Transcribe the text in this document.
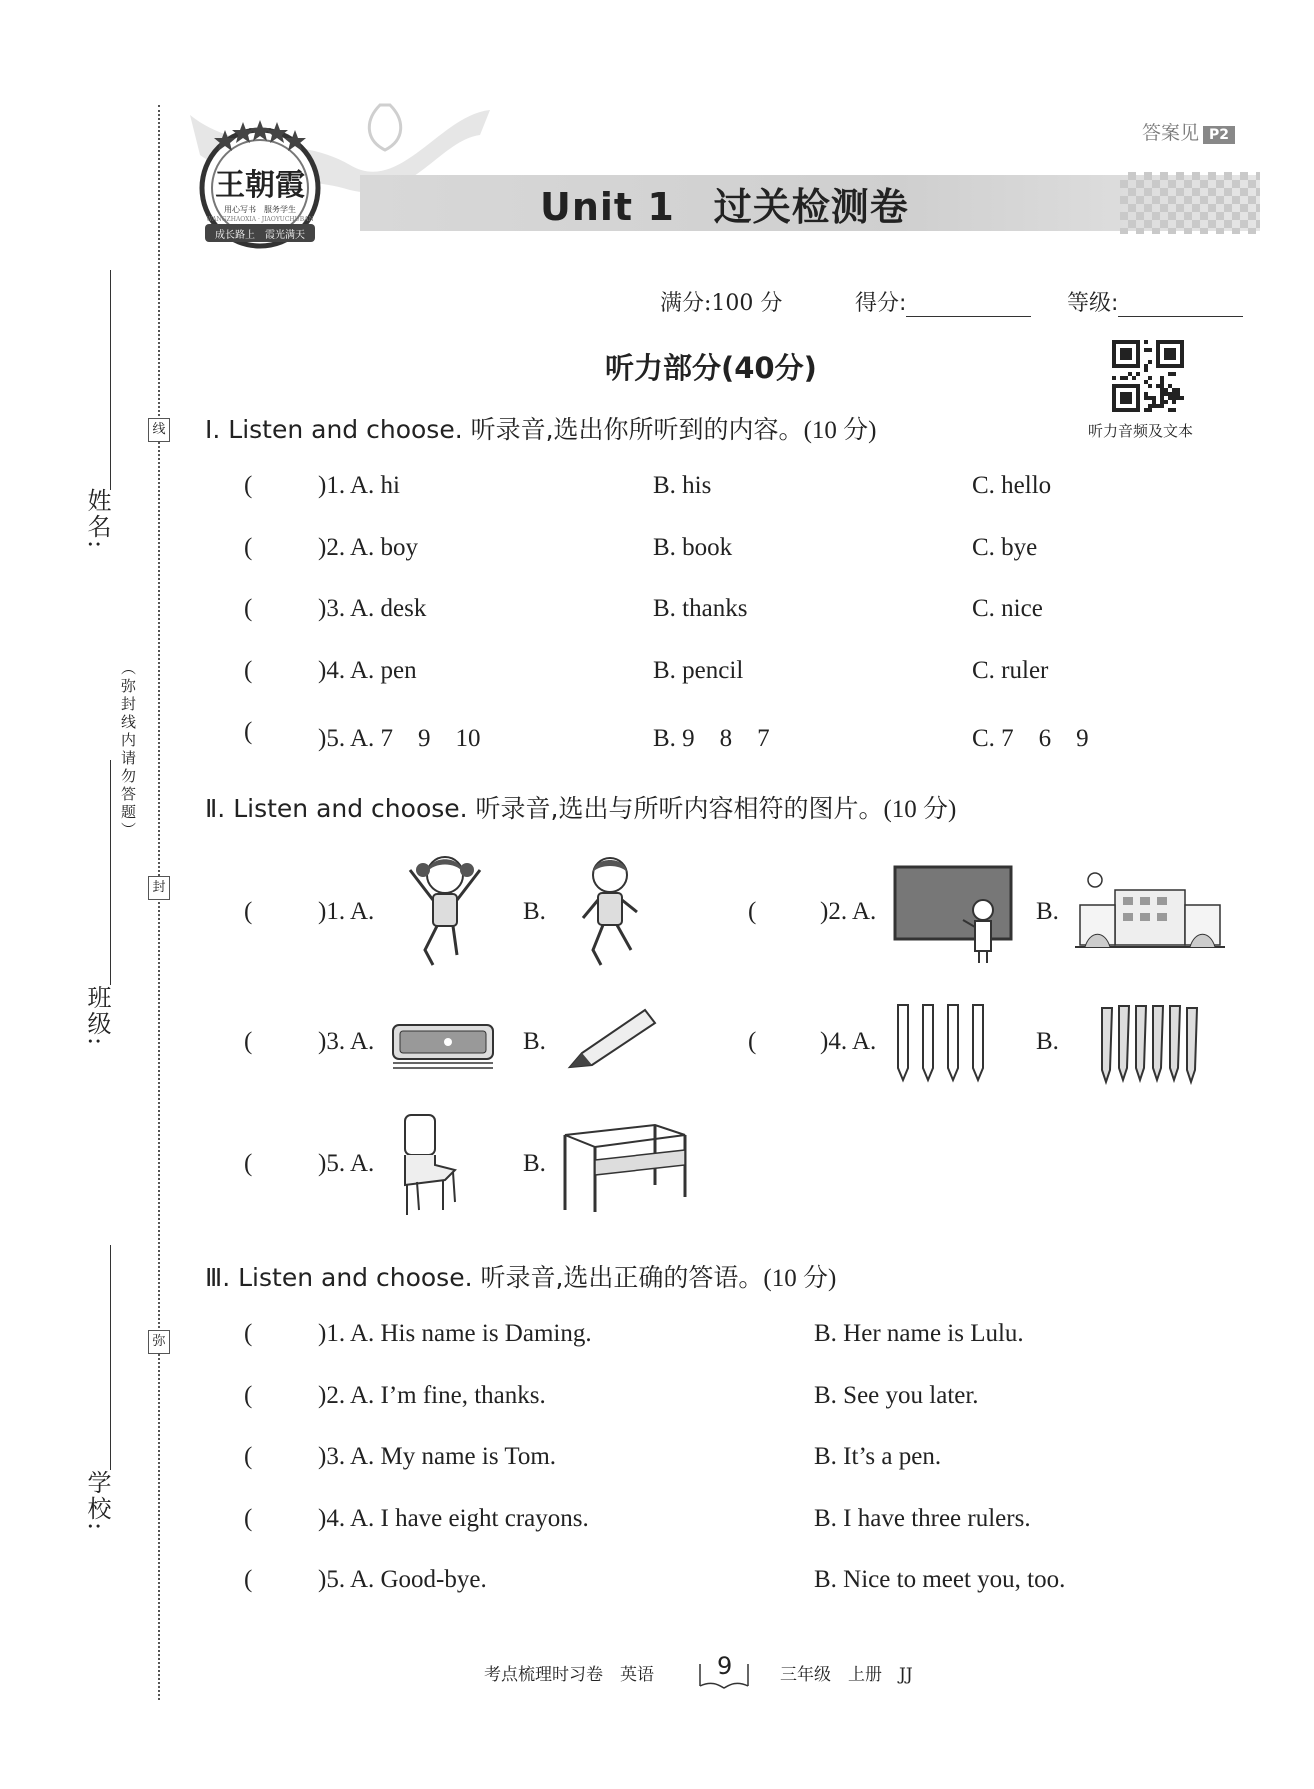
线
封
弥
（弥封线内请勿答题）
姓名:
班级:
学校:
Unit 1　过关检测卷
王朝霞
用心写书　服务学生
WANGZHAOXIA · JIAOYUCHUBAN
成长路上　霞光满天
答案见 P2
满分:100 分	得分:	等级:
听力部分(40分)
听力音频及文本
Ⅰ. Listen and choose. 听录音,选出你所听到的内容。(10 分)
(	)1. A. hi	B. his	C. hello
(	)2. A. boy	B. book	C. bye
(	)3. A. desk	B. thanks	C. nice
(	)4. A. pen	B. pencil	C. ruler
(	)5. A. 7　9　10	B. 9　8　7	C. 7　6　9
Ⅱ. Listen and choose. 听录音,选出与所听内容相符的图片。(10 分)
(	)1. A.	B.	(	)2. A.	B.
(	)3. A.	B.	(	)4. A.	B.
(	)5. A.	B.
Ⅲ. Listen and choose. 听录音,选出正确的答语。(10 分)
(	)1. A. His name is Daming.	B. Her name is Lulu.
(	)2. A. I’m fine, thanks.	B. See you later.
(	)3. A. My name is Tom.	B. It’s a pen.
(	)4. A. I have eight crayons.	B. I have three rulers.
(	)5. A. Good-bye.	B. Nice to meet you, too.
考点梳理时习卷　英语	9	三年级　上册　JJ
